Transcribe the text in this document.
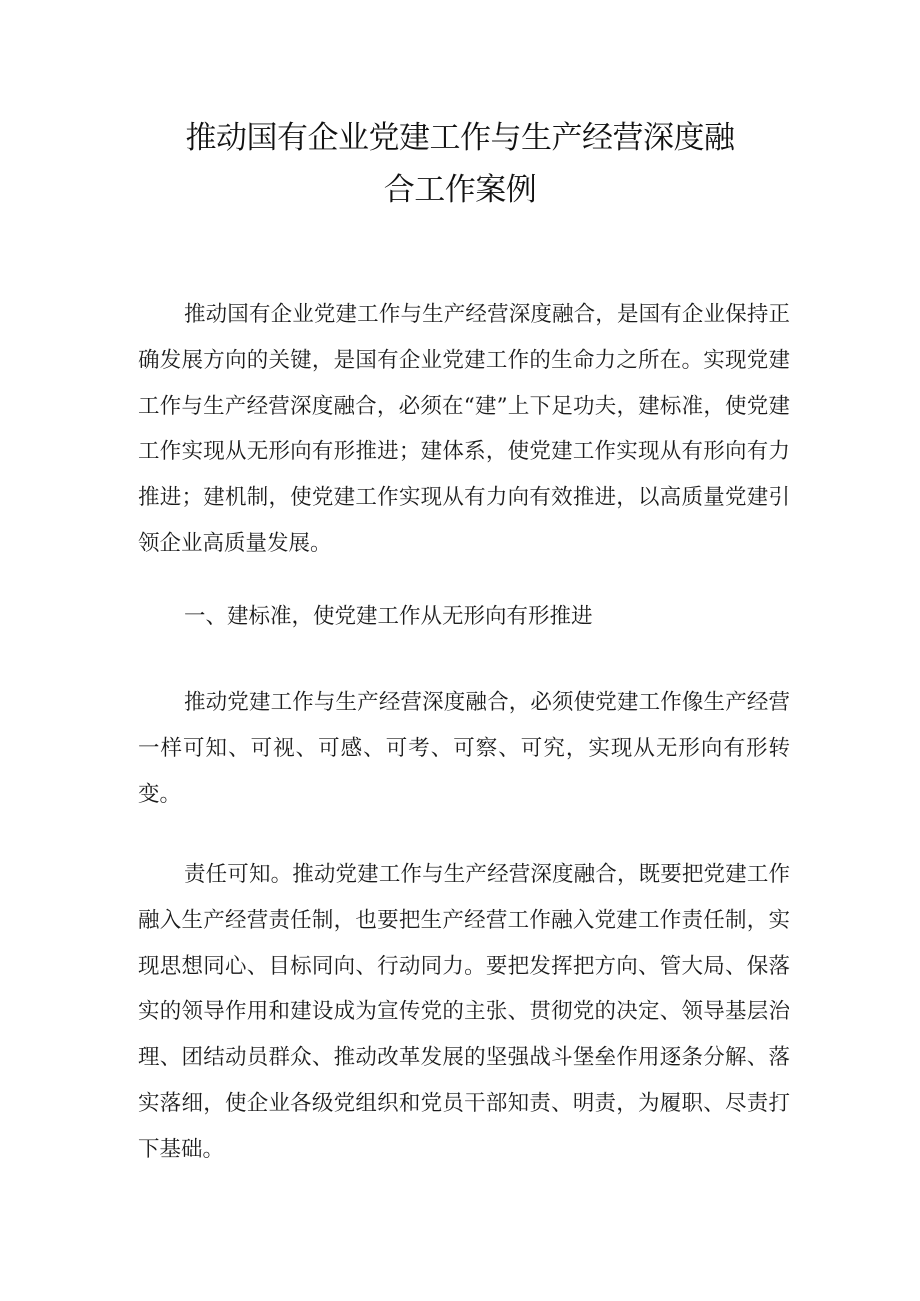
推动国有企业党建工作与生产经营深度融
合工作案例

推动国有企业党建工作与生产经营深度融合，是国有企业保持正确发展方向的关键，是国有企业党建工作的生命力之所在。实现党建工作与生产经营深度融合，必须在“建”上下足功夫，建标准，使党建工作实现从无形向有形推进；建体系，使党建工作实现从有形向有力推进；建机制，使党建工作实现从有力向有效推进，以高质量党建引领企业高质量发展。

一、建标准，使党建工作从无形向有形推进

推动党建工作与生产经营深度融合，必须使党建工作像生产经营一样可知、可视、可感、可考、可察、可究，实现从无形向有形转变。

责任可知。推动党建工作与生产经营深度融合，既要把党建工作融入生产经营责任制，也要把生产经营工作融入党建工作责任制，实现思想同心、目标同向、行动同力。要把发挥把方向、管大局、保落实的领导作用和建设成为宣传党的主张、贯彻党的决定、领导基层治理、团结动员群众、推动改革发展的坚强战斗堡垒作用逐条分解、落实落细，使企业各级党组织和党员干部知责、明责，为履职、尽责打下基础。
